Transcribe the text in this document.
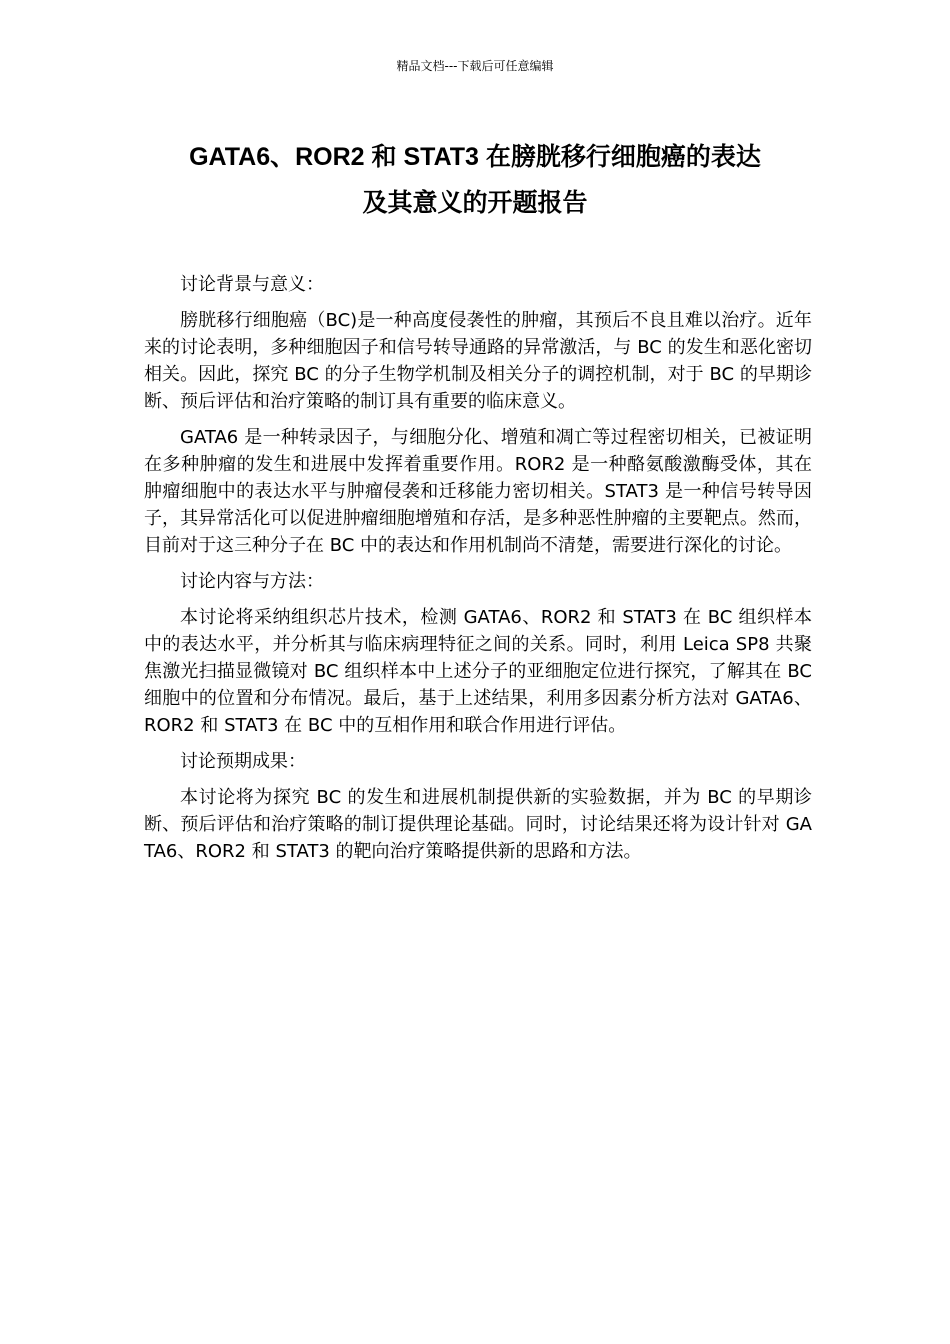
精品文档---下载后可任意编辑
GATA6、ROR2 和 STAT3 在膀胱移行细胞癌的表达
及其意义的开题报告
讨论背景与意义：

膀胱移行细胞癌（BC)是一种高度侵袭性的肿瘤，其预后不良且难以治疗。近年来的讨论表明，多种细胞因子和信号转导通路的异常激活，与 BC 的发生和恶化密切相关。因此，探究 BC 的分子生物学机制及相关分子的调控机制，对于 BC 的早期诊断、预后评估和治疗策略的制订具有重要的临床意义。

GATA6 是一种转录因子，与细胞分化、增殖和凋亡等过程密切相关，已被证明在多种肿瘤的发生和进展中发挥着重要作用。ROR2 是一种酪氨酸激酶受体，其在肿瘤细胞中的表达水平与肿瘤侵袭和迁移能力密切相关。STAT3 是一种信号转导因子，其异常活化可以促进肿瘤细胞增殖和存活，是多种恶性肿瘤的主要靶点。然而，目前对于这三种分子在 BC 中的表达和作用机制尚不清楚，需要进行深化的讨论。

讨论内容与方法：

本讨论将采纳组织芯片技术，检测 GATA6、ROR2 和 STAT3 在 BC 组织样本中的表达水平，并分析其与临床病理特征之间的关系。同时，利用 Leica SP8 共聚焦激光扫描显微镜对 BC 组织样本中上述分子的亚细胞定位进行探究，了解其在 BC 细胞中的位置和分布情况。最后，基于上述结果，利用多因素分析方法对 GATA6、ROR2 和 STAT3 在 BC 中的互相作用和联合作用进行评估。

讨论预期成果：

本讨论将为探究 BC 的发生和进展机制提供新的实验数据，并为 BC 的早期诊断、预后评估和治疗策略的制订提供理论基础。同时，讨论结果还将为设计针对 GATA6、ROR2 和 STAT3 的靶向治疗策略提供新的思路和方法。
